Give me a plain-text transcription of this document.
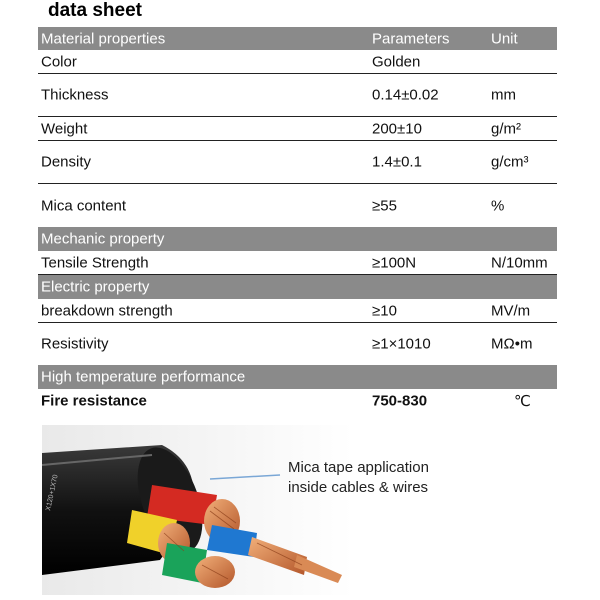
data sheet
Material properties	Parameters	Unit
Color	Golden
Thickness	0.14±0.02	mm
Weight	200±10	g/m²
Density	1.4±0.1	g/cm³
Mica content	≥55	%
Mechanic property
Tensile Strength	≥100N	N/10mm
Electric property
breakdown strength	≥10	MV/m
Resistivity	≥1×1010	MΩ•m
High temperature performance
Fire resistance	750-830	℃
X120+1X70
Mica tape application
inside cables & wires
